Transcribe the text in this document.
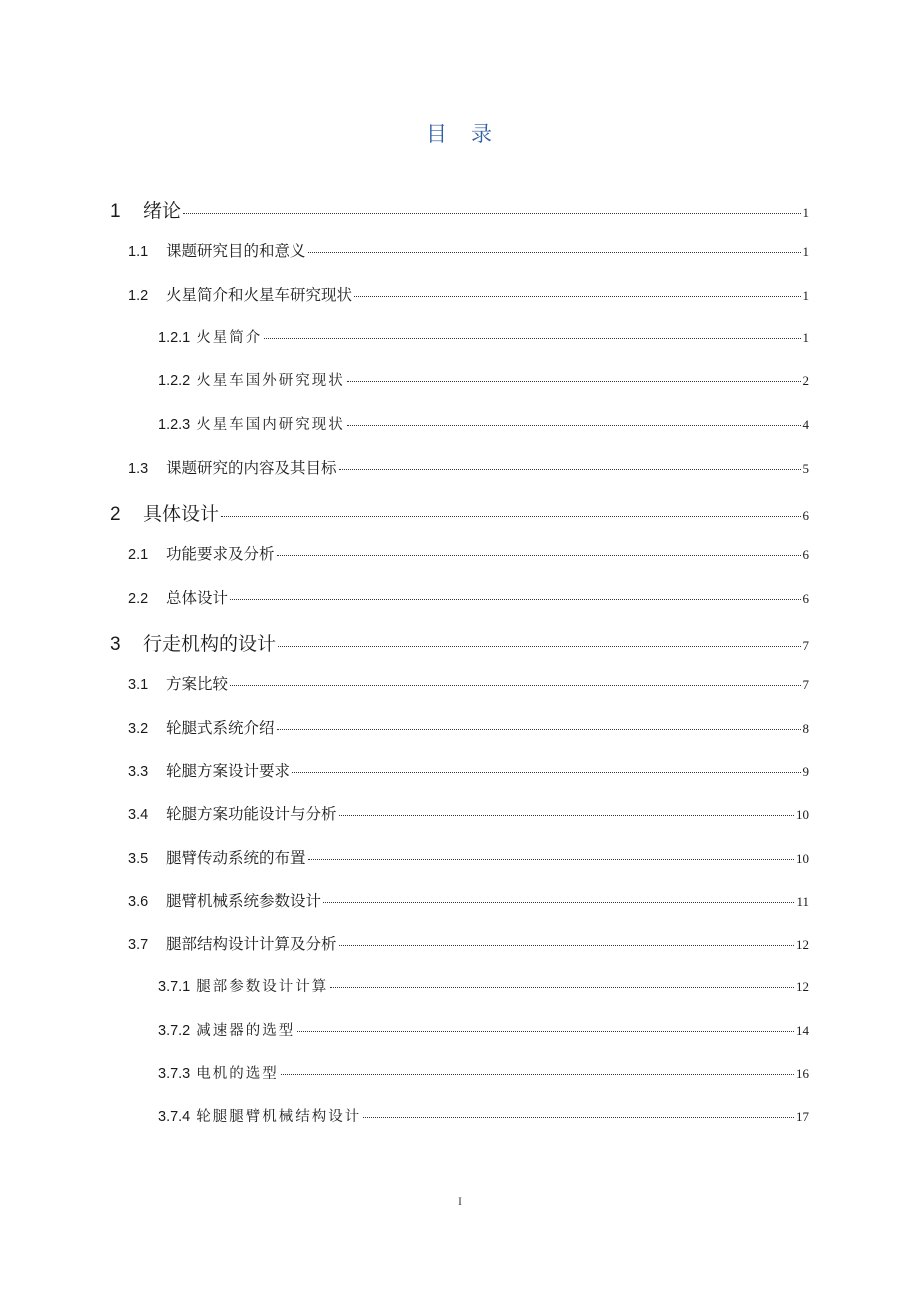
目 录
1	绪论	1
1.1	课题研究目的和意义	1
1.2	火星简介和火星车研究现状	1
1.2.1 火星简介	1
1.2.2 火星车国外研究现状	2
1.2.3 火星车国内研究现状	4
1.3	课题研究的内容及其目标	5
2	具体设计	6
2.1	功能要求及分析	6
2.2	总体设计	6
3	行走机构的设计	7
3.1	方案比较	7
3.2	轮腿式系统介绍	8
3.3	轮腿方案设计要求	9
3.4	轮腿方案功能设计与分析	10
3.5	腿臂传动系统的布置	10
3.6	腿臂机械系统参数设计	11
3.7	腿部结构设计计算及分析	12
3.7.1 腿部参数设计计算	12
3.7.2 减速器的选型	14
3.7.3 电机的选型	16
3.7.4 轮腿腿臂机械结构设计	17
I
